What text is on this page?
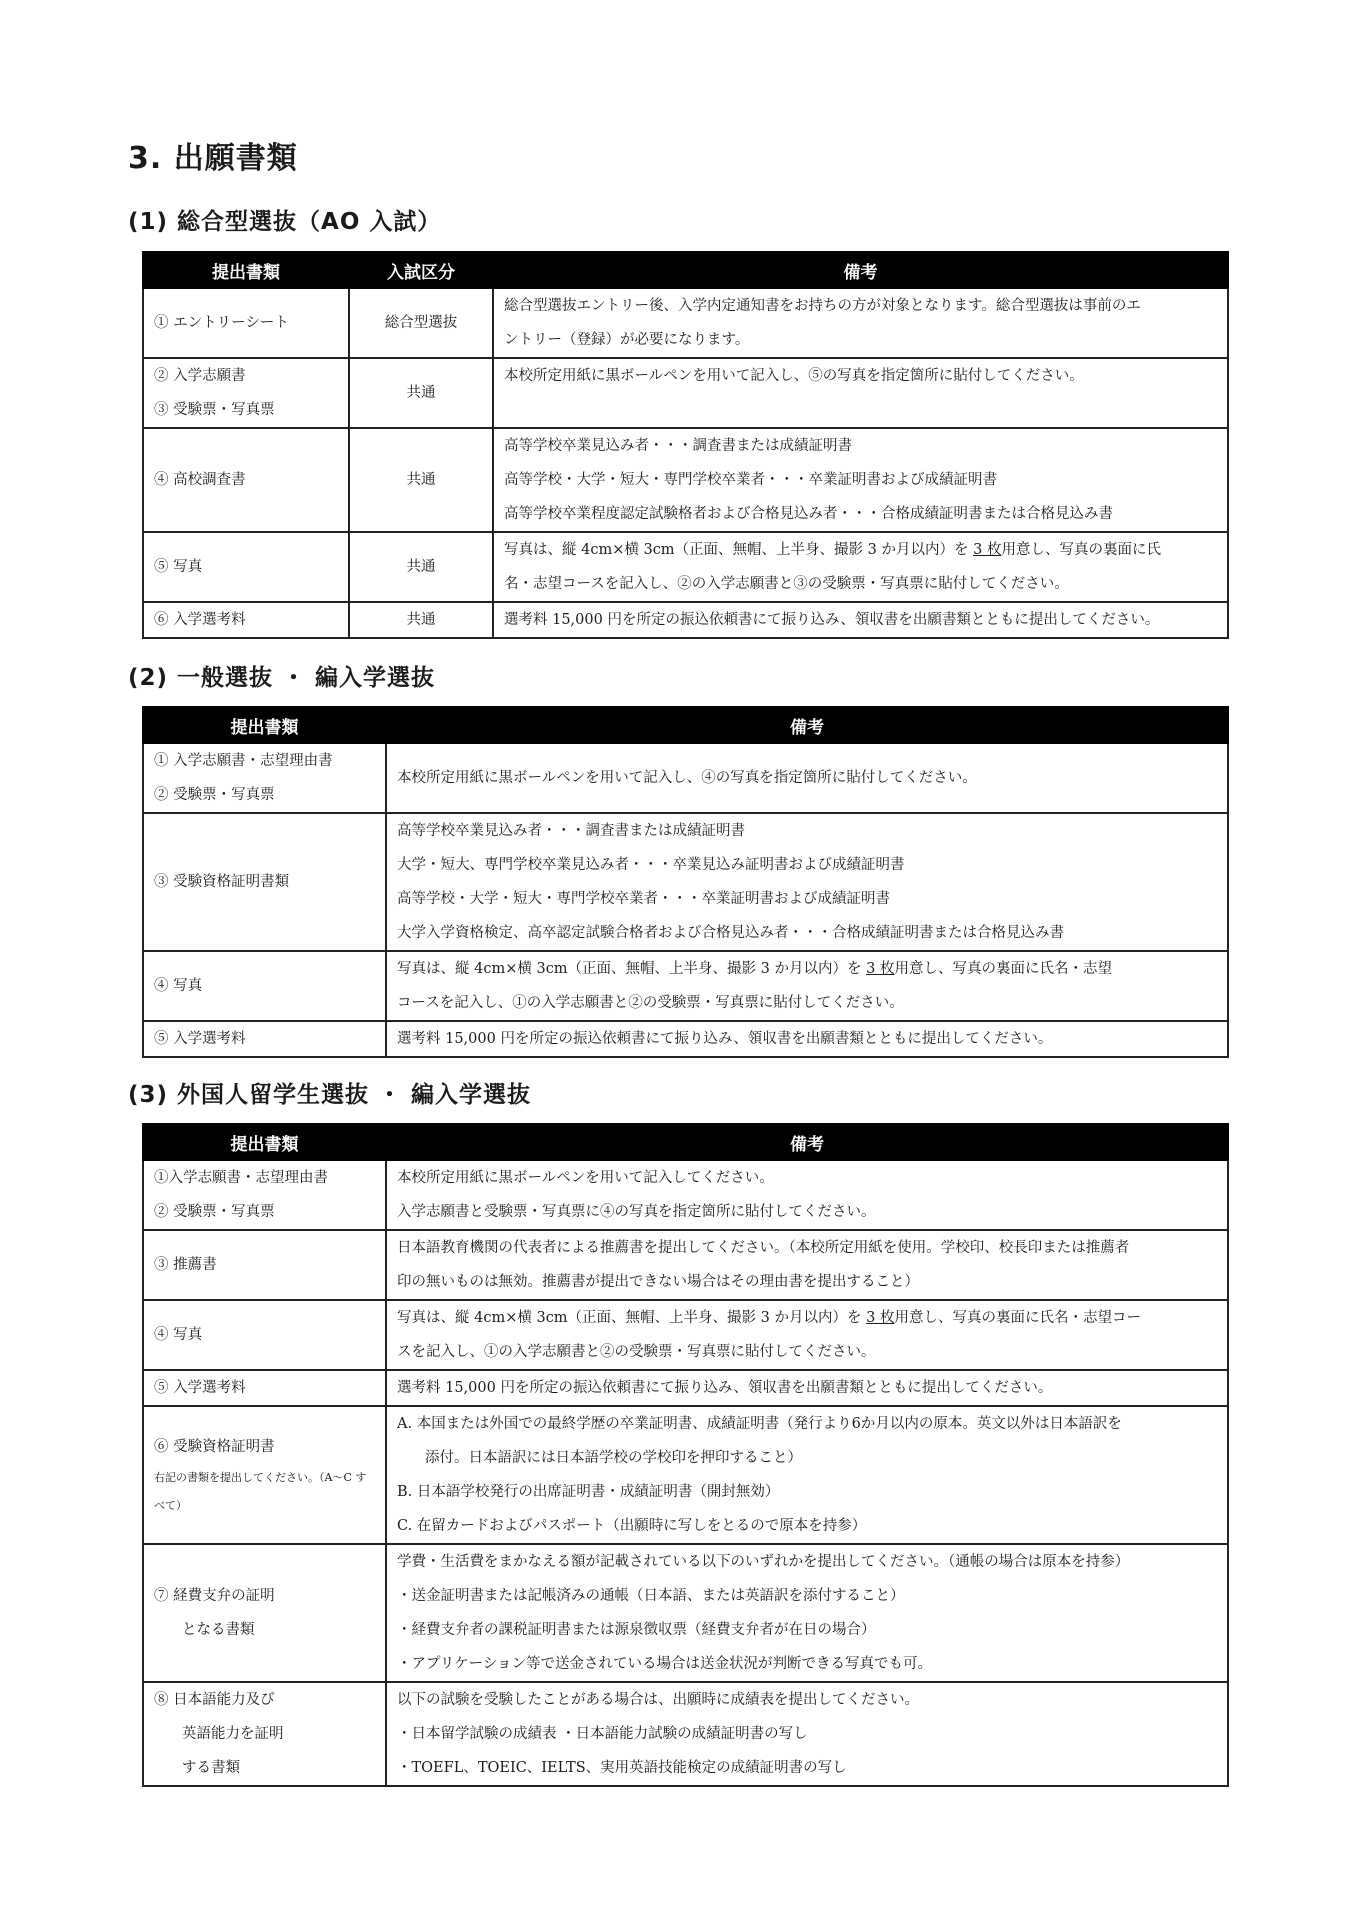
3. 出願書類
(1) 総合型選抜（AO 入試）
提出書類	入試区分	備考

① エントリーシート	総合型選抜	総合型選抜エントリー後、入学内定通知書をお持ちの方が対象となります。総合型選抜は事前のエ
ントリー（登録）が必要になります。

② 入学志願書
③ 受験票・写真票	共通	本校所定用紙に黒ボールペンを用いて記入し、⑤の写真を指定箇所に貼付してください。

④ 高校調査書	共通	高等学校卒業見込み者・・・調査書または成績証明書
高等学校・大学・短大・専門学校卒業者・・・卒業証明書および成績証明書
高等学校卒業程度認定試験格者および合格見込み者・・・合格成績証明書または合格見込み書

⑤ 写真	共通	写真は、縦 4cm×横 3cm（正面、無帽、上半身、撮影 3 か月以内）を 3 枚用意し、写真の裏面に氏
名・志望コースを記入し、②の入学志願書と③の受験票・写真票に貼付してください。

⑥ 入学選考料	共通	選考料 15,000 円を所定の振込依頼書にて振り込み、領収書を出願書類とともに提出してください。
(2) 一般選抜 ・ 編入学選抜
提出書類	備考

① 入学志願書・志望理由書
② 受験票・写真票	本校所定用紙に黒ボールペンを用いて記入し、④の写真を指定箇所に貼付してください。

③ 受験資格証明書類	高等学校卒業見込み者・・・調査書または成績証明書
大学・短大、専門学校卒業見込み者・・・卒業見込み証明書および成績証明書
高等学校・大学・短大・専門学校卒業者・・・卒業証明書および成績証明書
大学入学資格検定、高卒認定試験合格者および合格見込み者・・・合格成績証明書または合格見込み書

④ 写真	写真は、縦 4cm×横 3cm（正面、無帽、上半身、撮影 3 か月以内）を 3 枚用意し、写真の裏面に氏名・志望
コースを記入し、①の入学志願書と②の受験票・写真票に貼付してください。

⑤ 入学選考料	選考料 15,000 円を所定の振込依頼書にて振り込み、領収書を出願書類とともに提出してください。
(3) 外国人留学生選抜 ・ 編入学選抜
提出書類	備考

①入学志願書・志望理由書
② 受験票・写真票	本校所定用紙に黒ボールペンを用いて記入してください。
入学志願書と受験票・写真票に④の写真を指定箇所に貼付してください。

③ 推薦書	日本語教育機関の代表者による推薦書を提出してください。（本校所定用紙を使用。学校印、校長印または推薦者
印の無いものは無効。推薦書が提出できない場合はその理由書を提出すること）

④ 写真	写真は、縦 4cm×横 3cm（正面、無帽、上半身、撮影 3 か月以内）を 3 枚用意し、写真の裏面に氏名・志望コー
スを記入し、①の入学志願書と②の受験票・写真票に貼付してください。

⑤ 入学選考料	選考料 15,000 円を所定の振込依頼書にて振り込み、領収書を出願書類とともに提出してください。

⑥ 受験資格証明書
右記の書類を提出してください。（A～C す
べて）	A. 本国または外国での最終学歴の卒業証明書、成績証明書（発行より6か月以内の原本。英文以外は日本語訳を
添付。日本語訳には日本語学校の学校印を押印すること）
B. 日本語学校発行の出席証明書・成績証明書（開封無効）
C. 在留カードおよびパスポート（出願時に写しをとるので原本を持参）

⑦ 経費支弁の証明
となる書類	学費・生活費をまかなえる額が記載されている以下のいずれかを提出してください。（通帳の場合は原本を持参）
・送金証明書または記帳済みの通帳（日本語、または英語訳を添付すること）
・経費支弁者の課税証明書または源泉徴収票（経費支弁者が在日の場合）
・アプリケーション等で送金されている場合は送金状況が判断できる写真でも可。

⑧ 日本語能力及び
英語能力を証明
する書類	以下の試験を受験したことがある場合は、出願時に成績表を提出してください。
・日本留学試験の成績表 ・日本語能力試験の成績証明書の写し
・TOEFL、TOEIC、IELTS、実用英語技能検定の成績証明書の写し
